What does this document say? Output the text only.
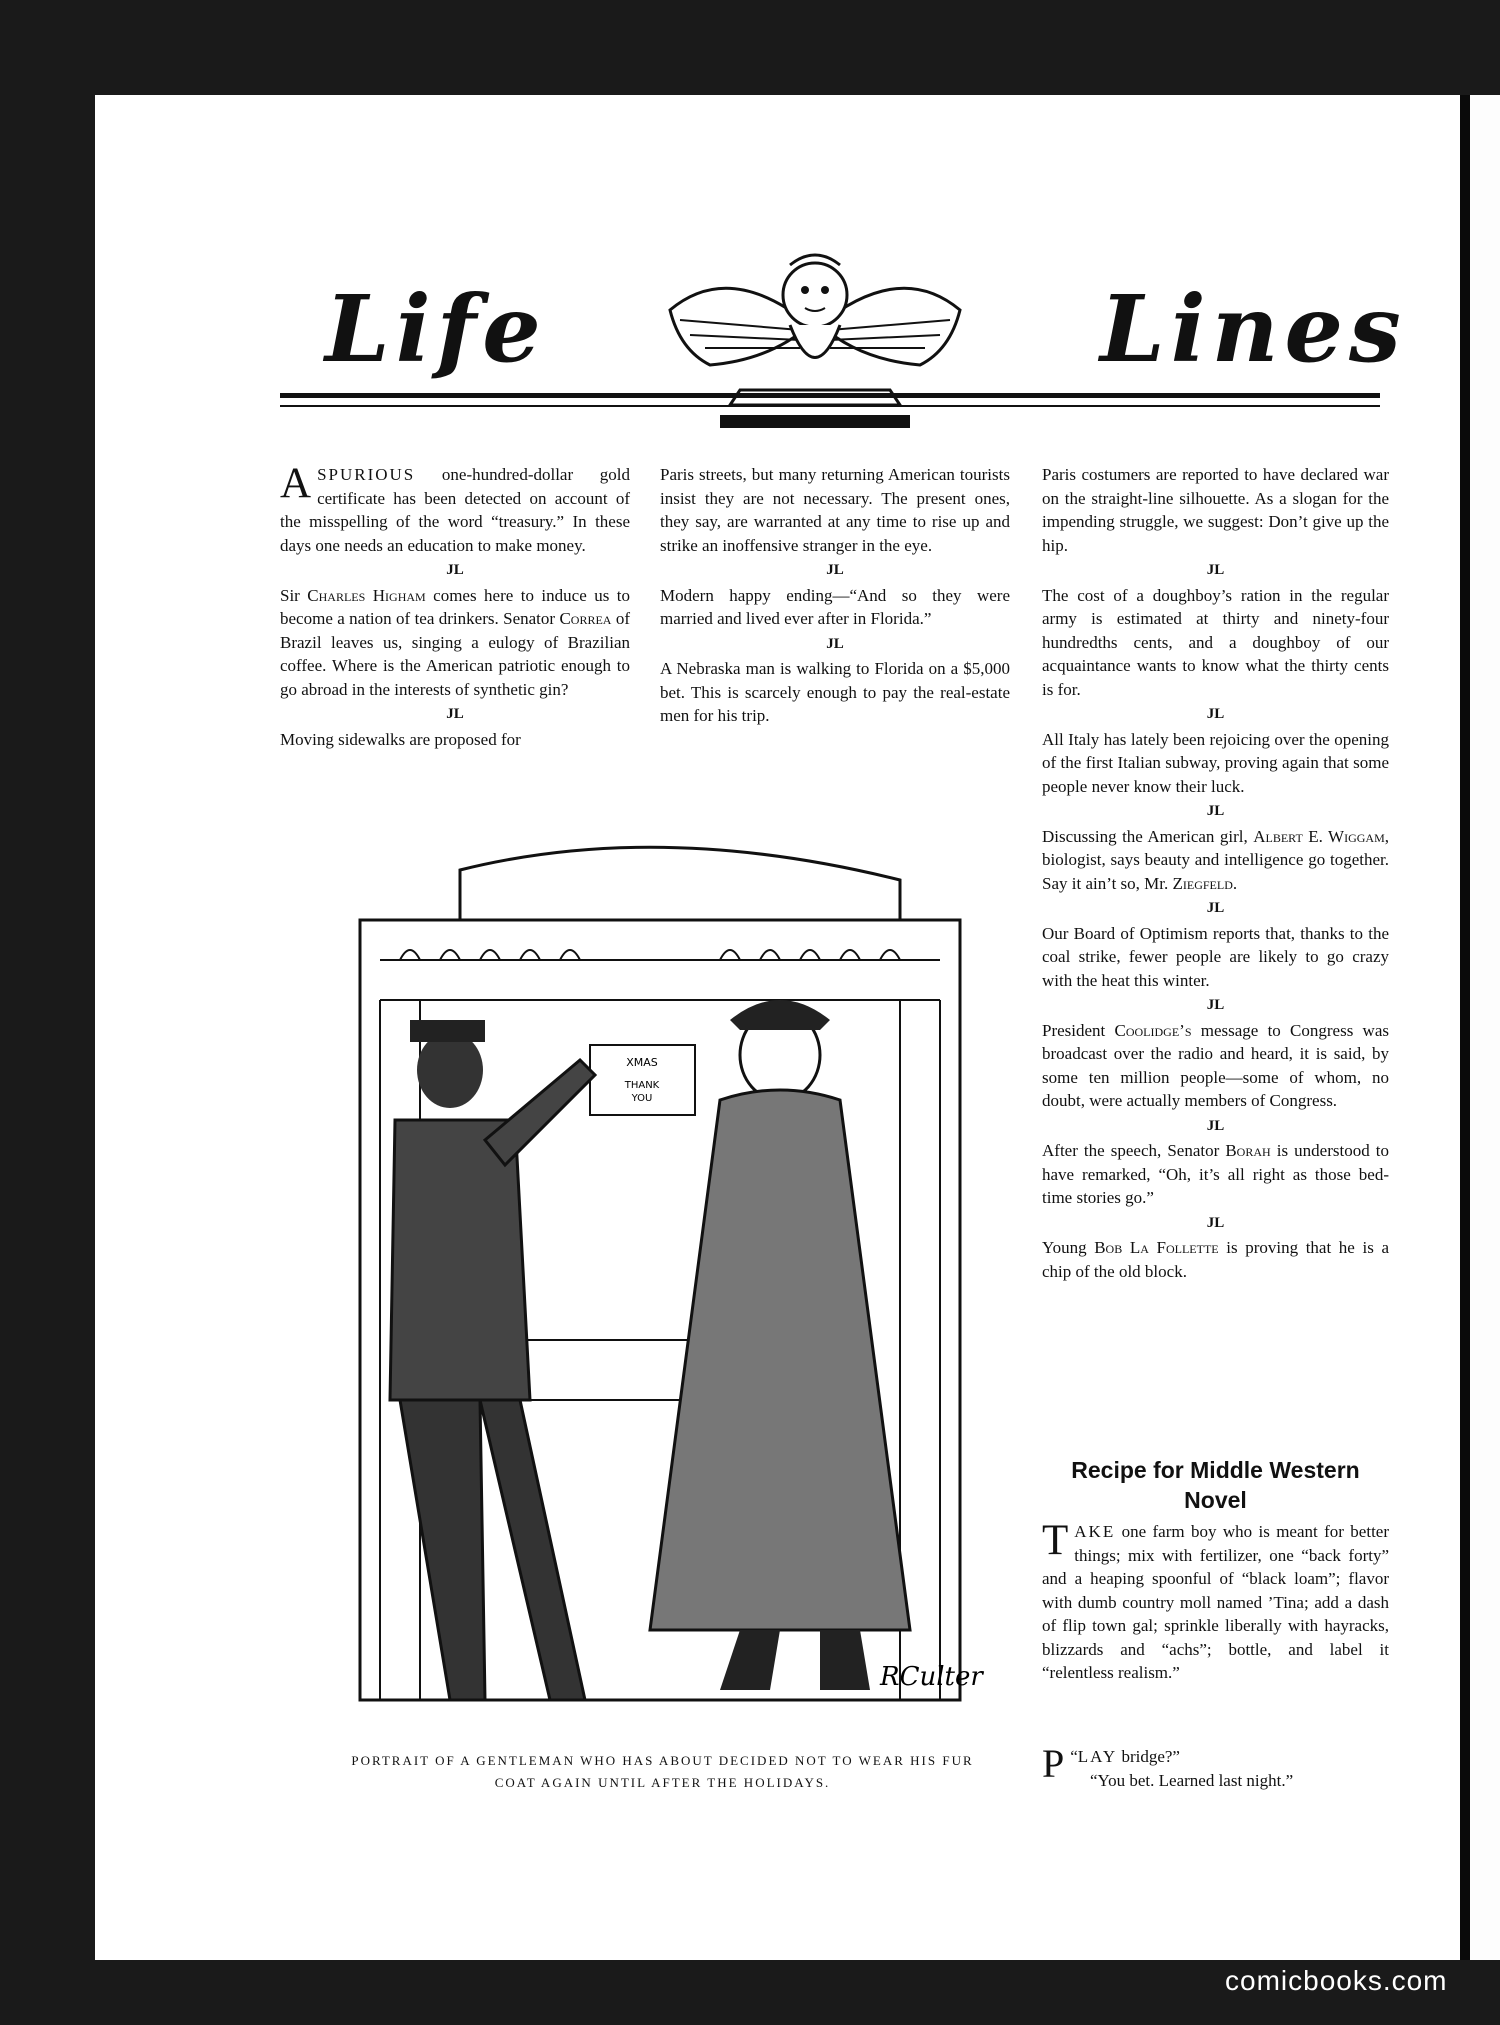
Life	Lines

ASPURIOUS one-hundred-dollar gold certificate has been detected on account of the misspelling of the word “treasury.” In these days one needs an education to make money.

JL

Sir Charles Higham comes here to induce us to become a nation of tea drinkers. Senator Correa of Brazil leaves us, singing a eulogy of Brazilian coffee. Where is the American patriotic enough to go abroad in the interests of synthetic gin?

JL

Moving sidewalks are proposed for

Paris streets, but many returning American tourists insist they are not necessary. The present ones, they say, are warranted at any time to rise up and strike an inoffensive stranger in the eye.

JL

Modern happy ending—“And so they were married and lived ever after in Florida.”

JL

A Nebraska man is walking to Florida on a $5,000 bet. This is scarcely enough to pay the real-estate men for his trip.

Paris costumers are reported to have declared war on the straight-line silhouette. As a slogan for the impending struggle, we suggest: Don’t give up the hip.

JL

The cost of a doughboy’s ration in the regular army is estimated at thirty and ninety-four hundredths cents, and a doughboy of our acquaintance wants to know what the thirty cents is for.

JL

All Italy has lately been rejoicing over the opening of the first Italian subway, proving again that some people never know their luck.

JL

Discussing the American girl, Albert E. Wiggam, biologist, says beauty and intelligence go together. Say it ain’t so, Mr. Ziegfeld.

JL

Our Board of Optimism reports that, thanks to the coal strike, fewer people are likely to go crazy with the heat this winter.

JL

President Coolidge’s message to Congress was broadcast over the radio and heard, it is said, by some ten million people—some of whom, no doubt, were actually members of Congress.

JL

After the speech, Senator Borah is understood to have remarked, “Oh, it’s all right as those bed-time stories go.”

JL

Young Bob La Follette is proving that he is a chip of the old block.

Recipe for Middle Western Novel

TAKE one farm boy who is meant for better things; mix with fertilizer, one “back forty” and a heaping spoonful of “black loam”; flavor with dumb country moll named ’Tina; add a dash of flip town gal; sprinkle liberally with hayracks, blizzards and “achs”; bottle, and label it “relentless realism.”

“
P LAY bridge?”

“You bet. Learned last night.”

XMAS
THANK
YOU
RCulter
PORTRAIT OF A GENTLEMAN WHO HAS ABOUT DECIDED NOT TO WEAR HIS FUR
COAT AGAIN UNTIL AFTER THE HOLIDAYS.
comicbooks.com
